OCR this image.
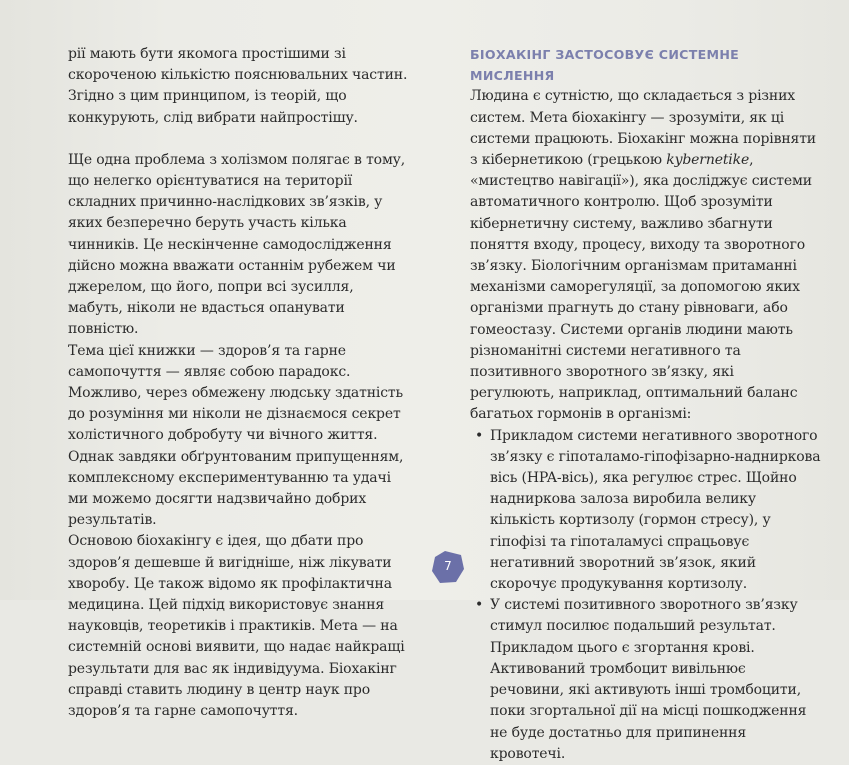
рії мають бути якомога простішими зі скороченою кількістю пояснювальних частин. Згідно з цим принципом, із теорій, що конкурують, слід вибрати найпростішу.

Ще одна проблема з холізмом полягає в тому, що нелегко орієнтуватися на території складних причинно-наслідкових зв’язків, у яких безперечно беруть участь кілька чинників. Це нескінченне самодослідження дійсно можна вважати останнім рубежем чи джерелом, що його, попри всі зусилля, мабуть, ніколи не вдасться опанувати повністю.

Тема цієї книжки — здоров’я та гарне самопочуття — являє собою парадокс. Можливо, через обмежену людську здатність до розуміння ми ніколи не дізнаємося секрет холістичного добробуту чи вічного життя. Однак завдяки обґрунтованим припущенням, комплексному експериментуванню та удачі ми можемо досягти надзвичайно добрих результатів.

Основою біохакінгу є ідея, що дбати про здоров’я дешевше й вигідніше, ніж лікувати хворобу. Це також відомо як профілактична медицина. Цей підхід використовує знання науковців, теоретиків і практиків. Мета — на системній основі виявити, що надає найкращі результати для вас як індивідуума. Біохакінг справді ставить людину в центр наук про здоров’я та гарне самопочуття.

БІОХАКІНГ ЗАСТОСОВУЄ СИСТЕМНЕ МИСЛЕННЯ

Людина є сутністю, що складається з різних систем. Мета біохакінгу — зрозуміти, як ці системи працюють. Біохакінг можна порівняти з кібернетикою (грецькою kybernetike, «мистецтво навігації»), яка досліджує системи автоматичного контролю. Щоб зрозуміти кібернетичну систему, важливо збагнути поняття входу, процесу, виходу та зворотного зв’язку. Біологічним організмам притаманні механізми саморегуляції, за допомогою яких організми прагнуть до стану рівноваги, або гомеостазу. Системи органів людини мають різноманітні системи негативного та позитивного зворотного зв’язку, які регулюють, наприклад, оптимальний баланс багатьох гормонів в організмі:

• Прикладом системи негативного зворотного зв’язку є гіпоталамо-гіпофізарно-надниркова вісь (HPA-вісь), яка регулює стрес. Щойно надниркова залоза виробила велику кількість кортизолу (гормон стресу), у гіпофізі та гіпоталамусі спрацьовує негативний зворотний зв’язок, який скорочує продукування кортизолу.

• У системі позитивного зворотного зв’язку стимул посилює подальший результат. Прикладом цього є згортання крові. Активований тромбоцит вивільнює речовини, які активують інші тромбоцити, поки згортальної дії на місці пошкодження не буде достатньо для припинення кровотечі.

7
